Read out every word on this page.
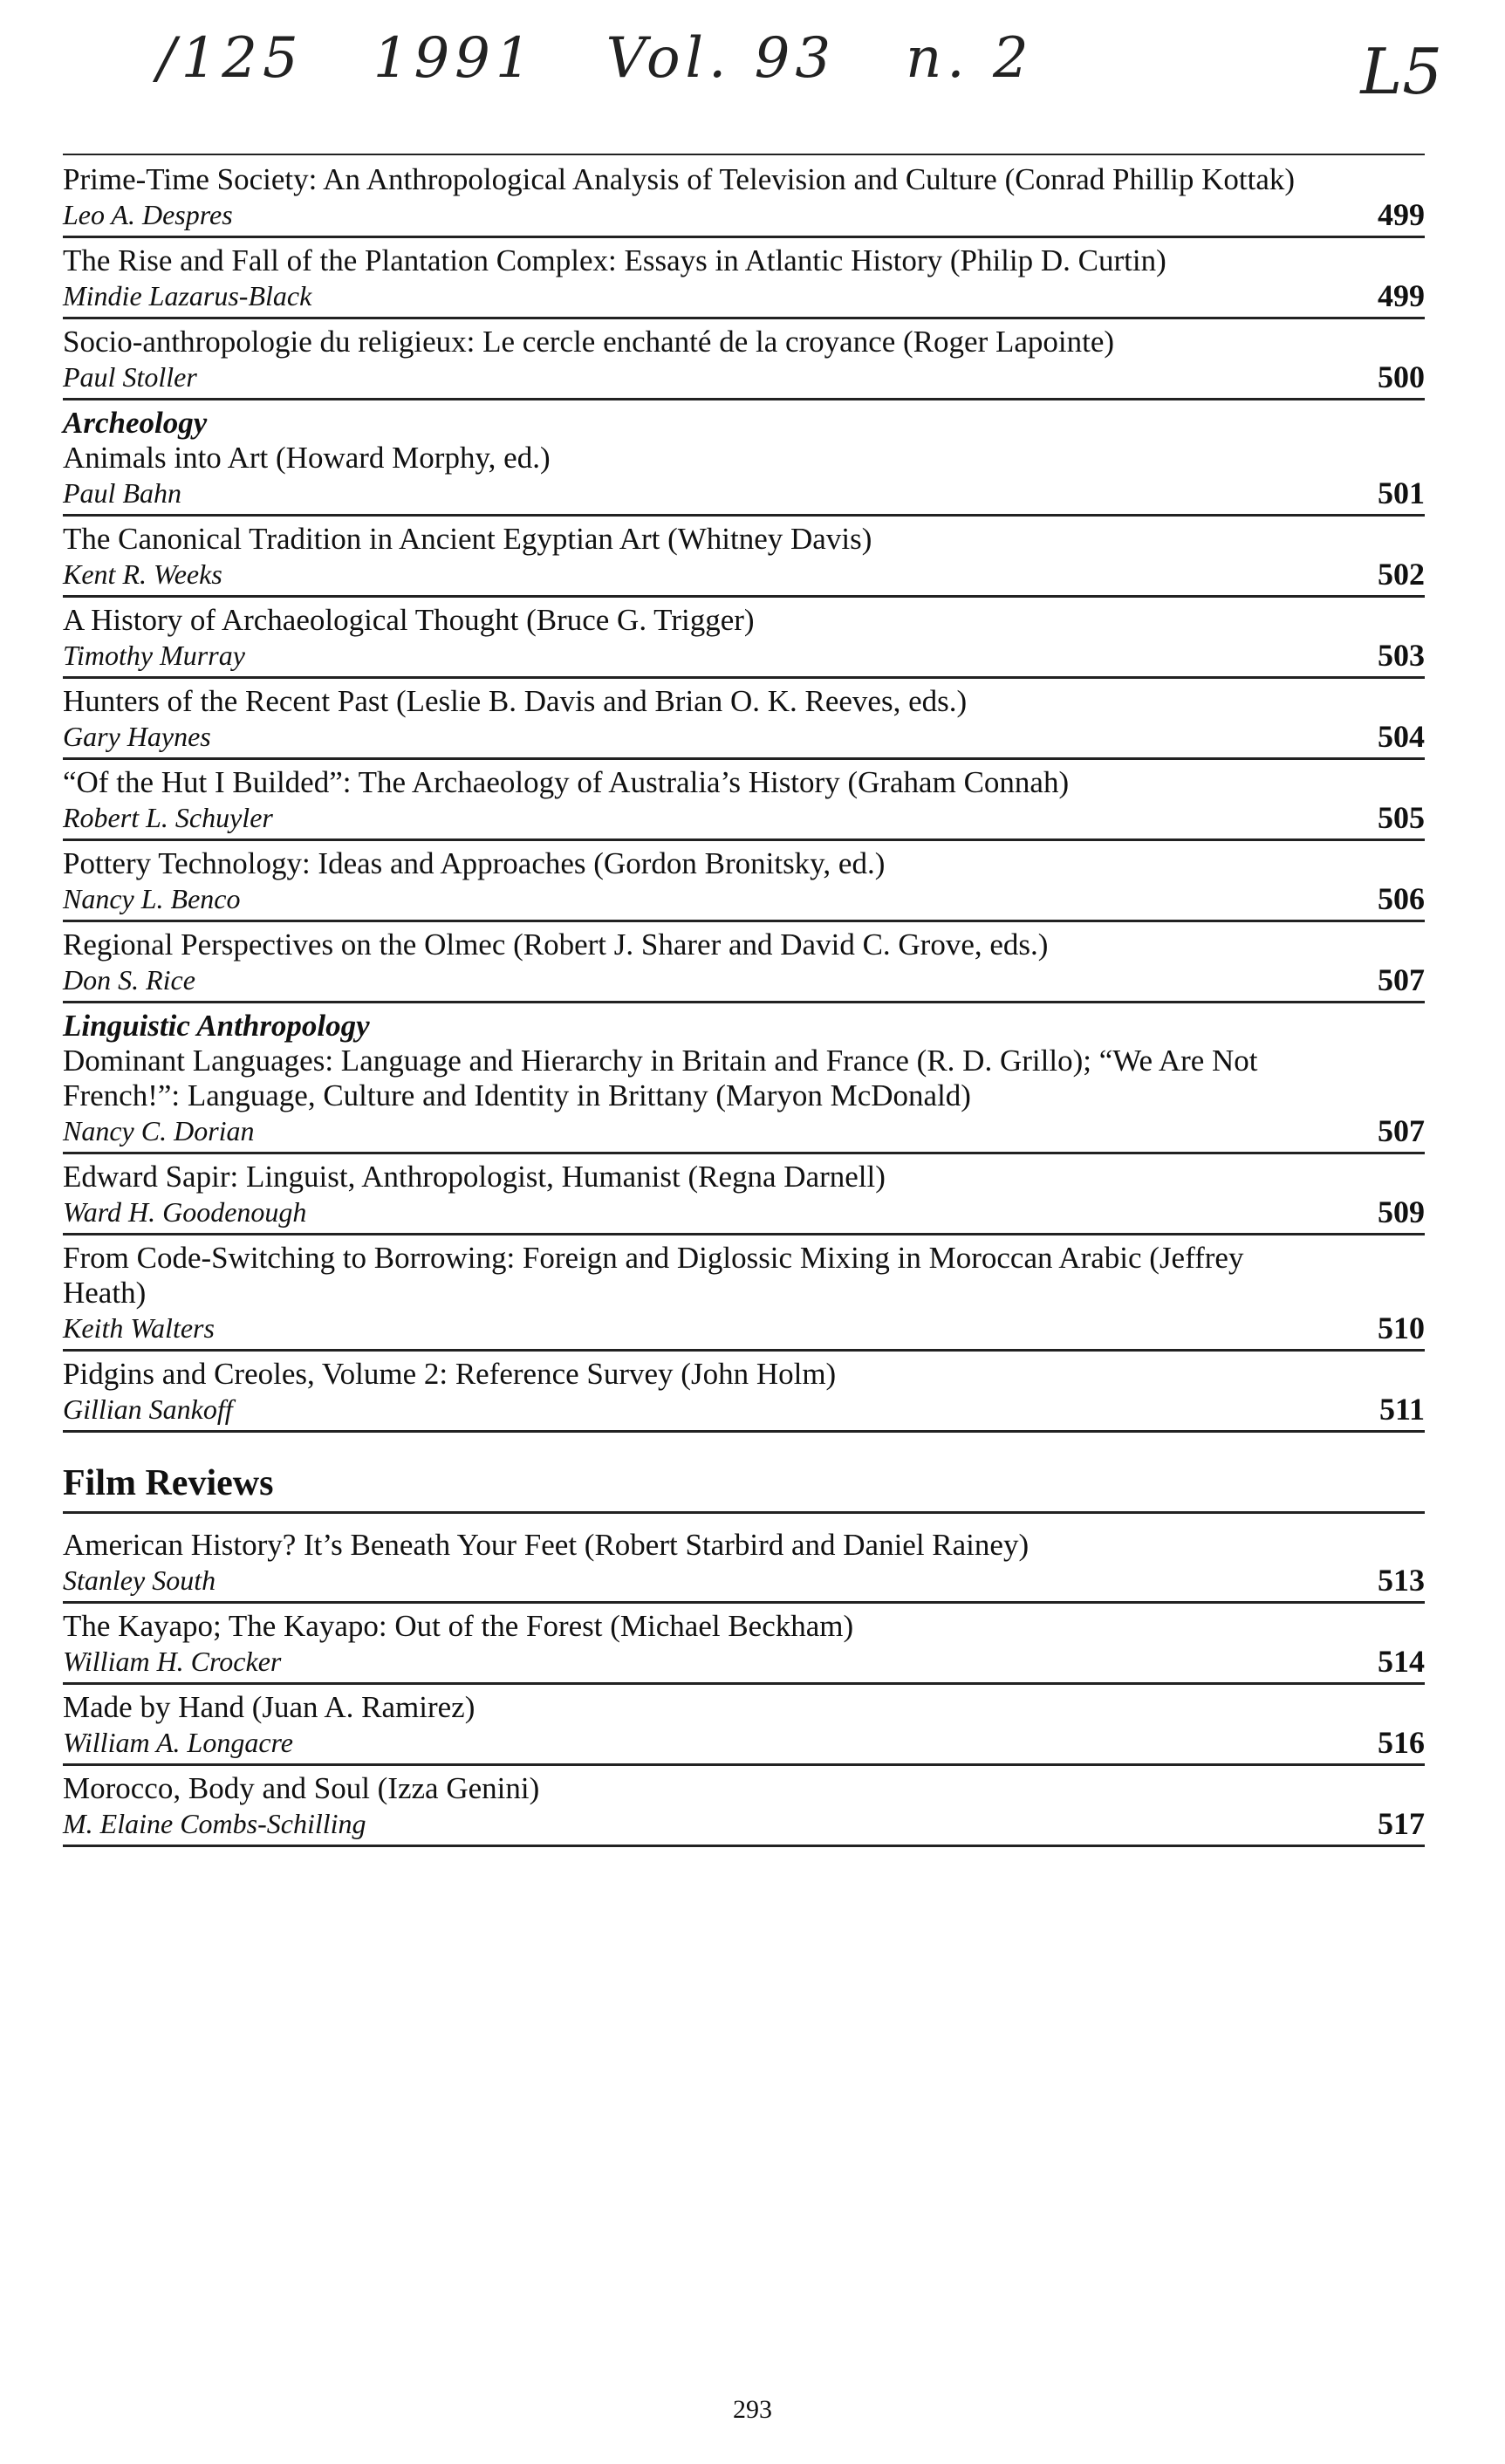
/125 1991 Vol. 93 n. 2	L5
Prime-Time Society: An Anthropological Analysis of Television and Culture (Conrad Phillip Kottak)
Leo A. Despres	499
The Rise and Fall of the Plantation Complex: Essays in Atlantic History (Philip D. Curtin)
Mindie Lazarus-Black	499
Socio-anthropologie du religieux: Le cercle enchanté de la croyance (Roger Lapointe)
Paul Stoller	500
Archeology
Animals into Art (Howard Morphy, ed.)
Paul Bahn	501
The Canonical Tradition in Ancient Egyptian Art (Whitney Davis)
Kent R. Weeks	502
A History of Archaeological Thought (Bruce G. Trigger)
Timothy Murray	503
Hunters of the Recent Past (Leslie B. Davis and Brian O. K. Reeves, eds.)
Gary Haynes	504
“Of the Hut I Builded”: The Archaeology of Australia’s History (Graham Connah)
Robert L. Schuyler	505
Pottery Technology: Ideas and Approaches (Gordon Bronitsky, ed.)
Nancy L. Benco	506
Regional Perspectives on the Olmec (Robert J. Sharer and David C. Grove, eds.)
Don S. Rice	507
Linguistic Anthropology
Dominant Languages: Language and Hierarchy in Britain and France (R. D. Grillo); “We Are Not French!”: Language, Culture and Identity in Brittany (Maryon McDonald)
Nancy C. Dorian	507
Edward Sapir: Linguist, Anthropologist, Humanist (Regna Darnell)
Ward H. Goodenough	509
From Code-Switching to Borrowing: Foreign and Diglossic Mixing in Moroccan Arabic (Jeffrey Heath)
Keith Walters	510
Pidgins and Creoles, Volume 2: Reference Survey (John Holm)
Gillian Sankoff	511
Film Reviews
American History? It’s Beneath Your Feet (Robert Starbird and Daniel Rainey)
Stanley South	513
The Kayapo; The Kayapo: Out of the Forest (Michael Beckham)
William H. Crocker	514
Made by Hand (Juan A. Ramirez)
William A. Longacre	516
Morocco, Body and Soul (Izza Genini)
M. Elaine Combs-Schilling	517
293
